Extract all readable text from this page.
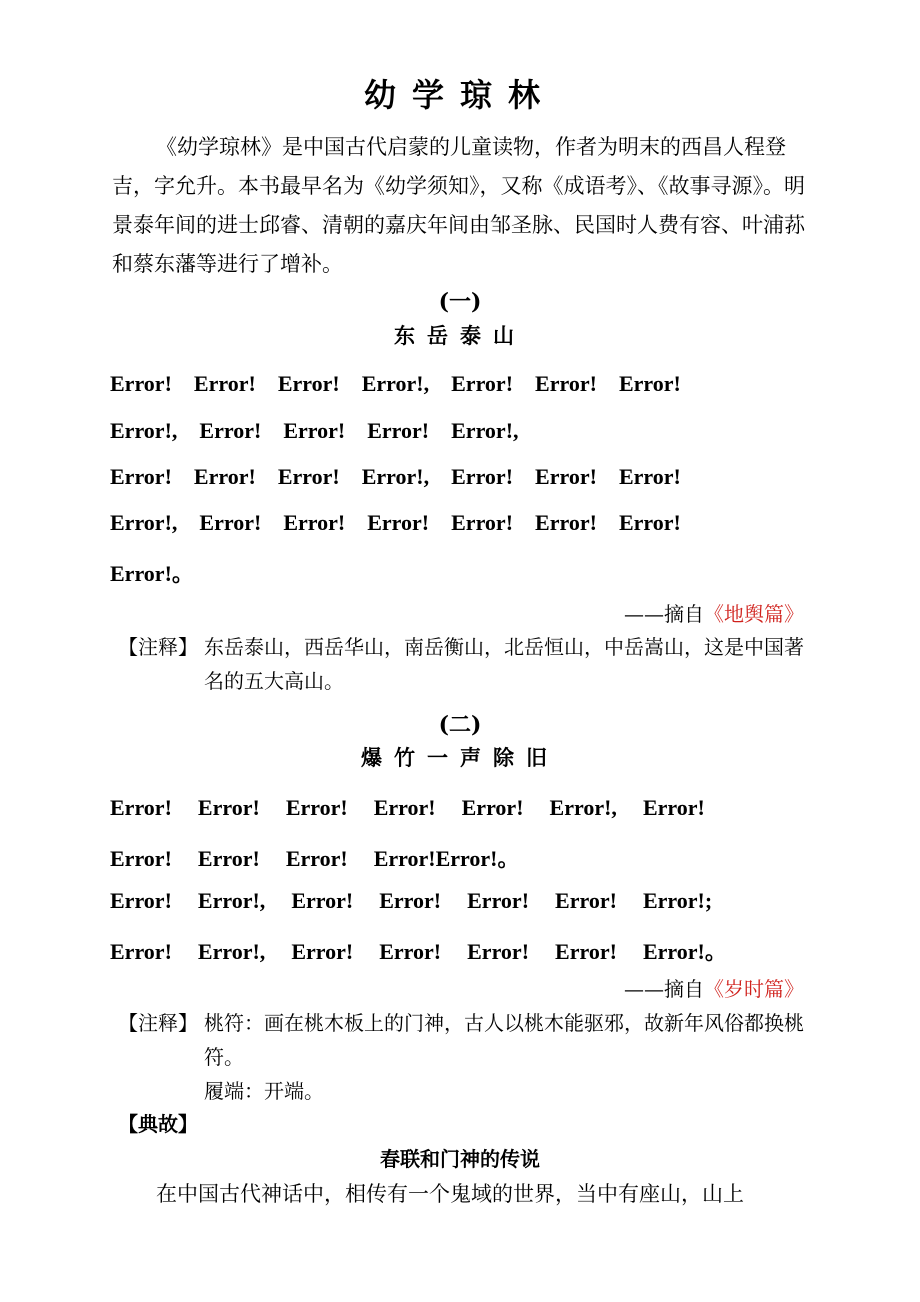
幼学琼林

《幼学琼林》是中国古代启蒙的儿童读物，作者为明末的西昌人程登吉，字允升。本书最早名为《幼学须知》，又称《成语考》、《故事寻源》。明景泰年间的进士邱睿、清朝的嘉庆年间由邹圣脉、民国时人费有容、叶浦荪和蔡东藩等进行了增补。

(一)
东岳泰山
Error! Error! Error! Error!, Error! Error! Error!
Error!, Error! Error! Error! Error!,
Error! Error! Error! Error!, Error! Error! Error!
Error!, Error! Error! Error! Error! Error! Error!
Error!。
——摘自《地舆篇》
【注释】 东岳泰山，西岳华山，南岳衡山，北岳恒山，中岳嵩山，这是中国著名的五大高山。
(二)
爆竹一声除旧
Error! Error! Error! Error! Error! Error!, Error!
Error! Error! Error! Error!Error!。
Error! Error!, Error! Error! Error! Error! Error!;
Error! Error!, Error! Error! Error! Error! Error!。
——摘自《岁时篇》
【注释】 桃符：画在桃木板上的门神，古人以桃木能驱邪，故新年风俗都换桃符。
履端：开端。
【典故】
春联和门神的传说
在中国古代神话中，相传有一个鬼域的世界，当中有座山，山上
